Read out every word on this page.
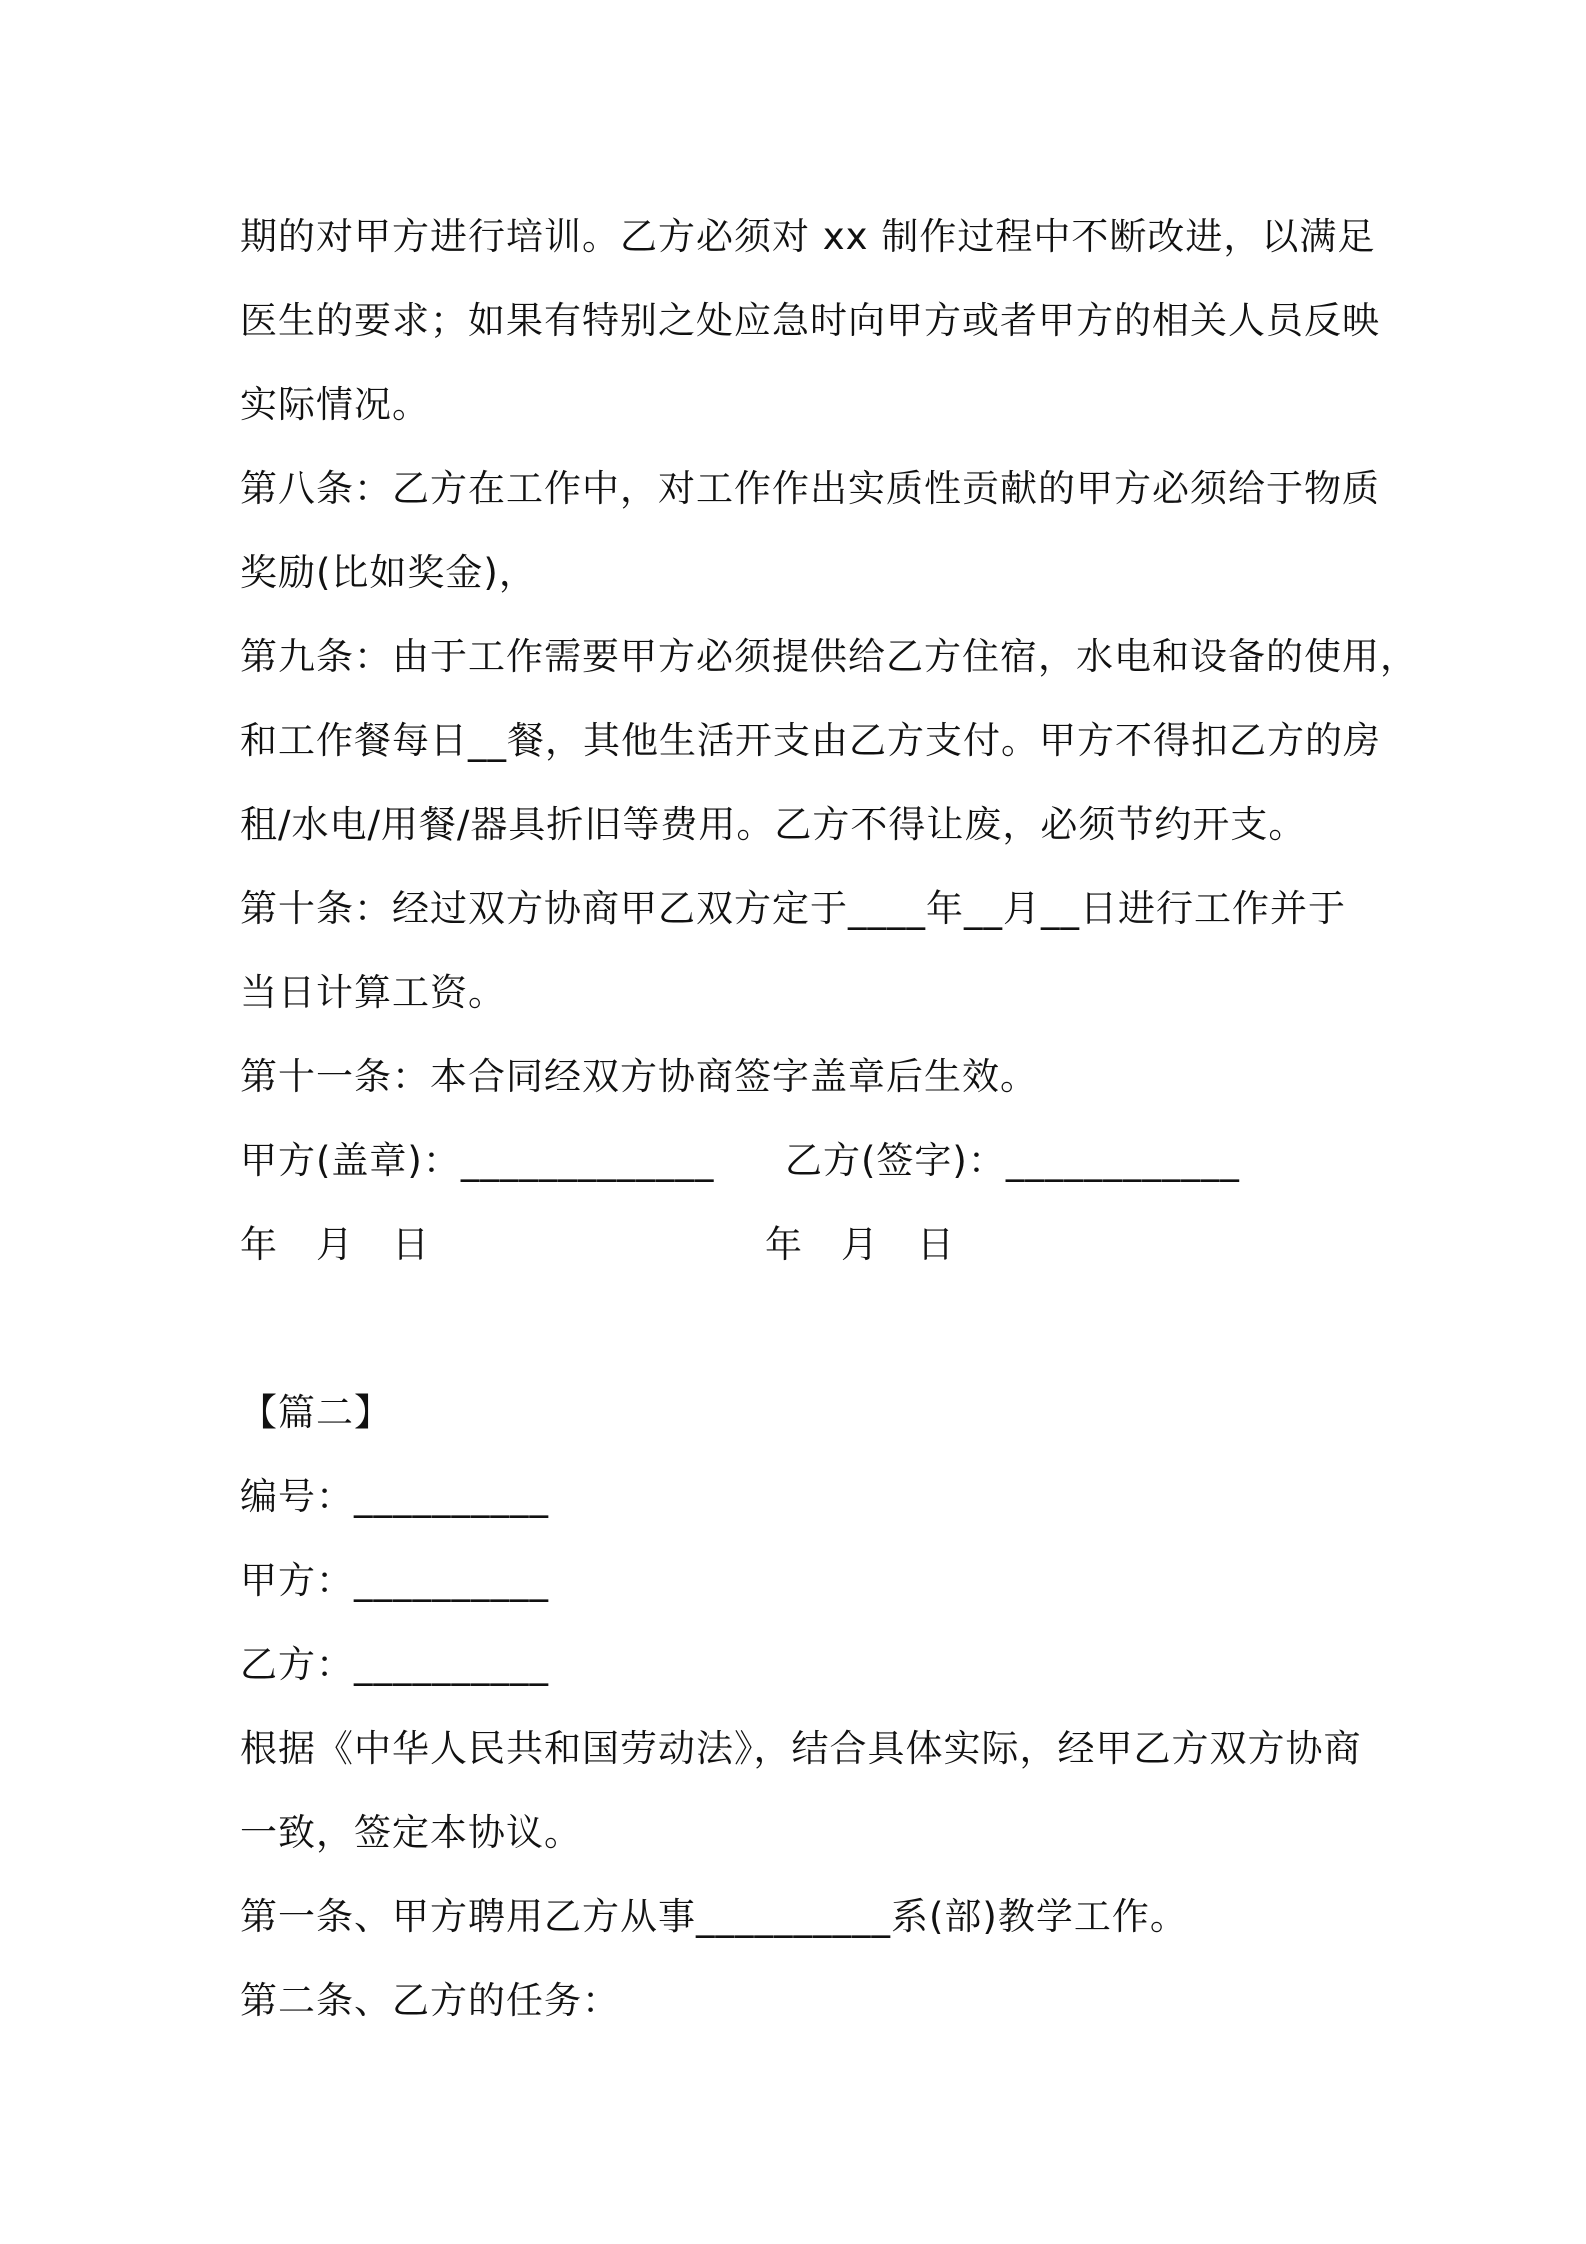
期的对甲方进行培训。乙方必须对 xx 制作过程中不断改进，以满足
医生的要求；如果有特别之处应急时向甲方或者甲方的相关人员反映
实际情况。
第八条：乙方在工作中，对工作作出实质性贡献的甲方必须给于物质
奖励(比如奖金)，
第九条：由于工作需要甲方必须提供给乙方住宿，水电和设备的使用，
和工作餐每日__餐，其他生活开支由乙方支付。甲方不得扣乙方的房
租/水电/用餐/器具折旧等费用。乙方不得让废，必须节约开支。
第十条：经过双方协商甲乙双方定于____年__月__日进行工作并于
当日计算工资。
第十一条：本合同经双方协商签字盖章后生效。
甲方(盖章)：_____________	乙方(签字)：____________
年　月　日	年　月　日
【篇二】
编号：__________
甲方：__________
乙方：__________
根据《中华人民共和国劳动法》，结合具体实际，经甲乙方双方协商
一致，签定本协议。
第一条、甲方聘用乙方从事__________系(部)教学工作。
第二条、乙方的任务：
